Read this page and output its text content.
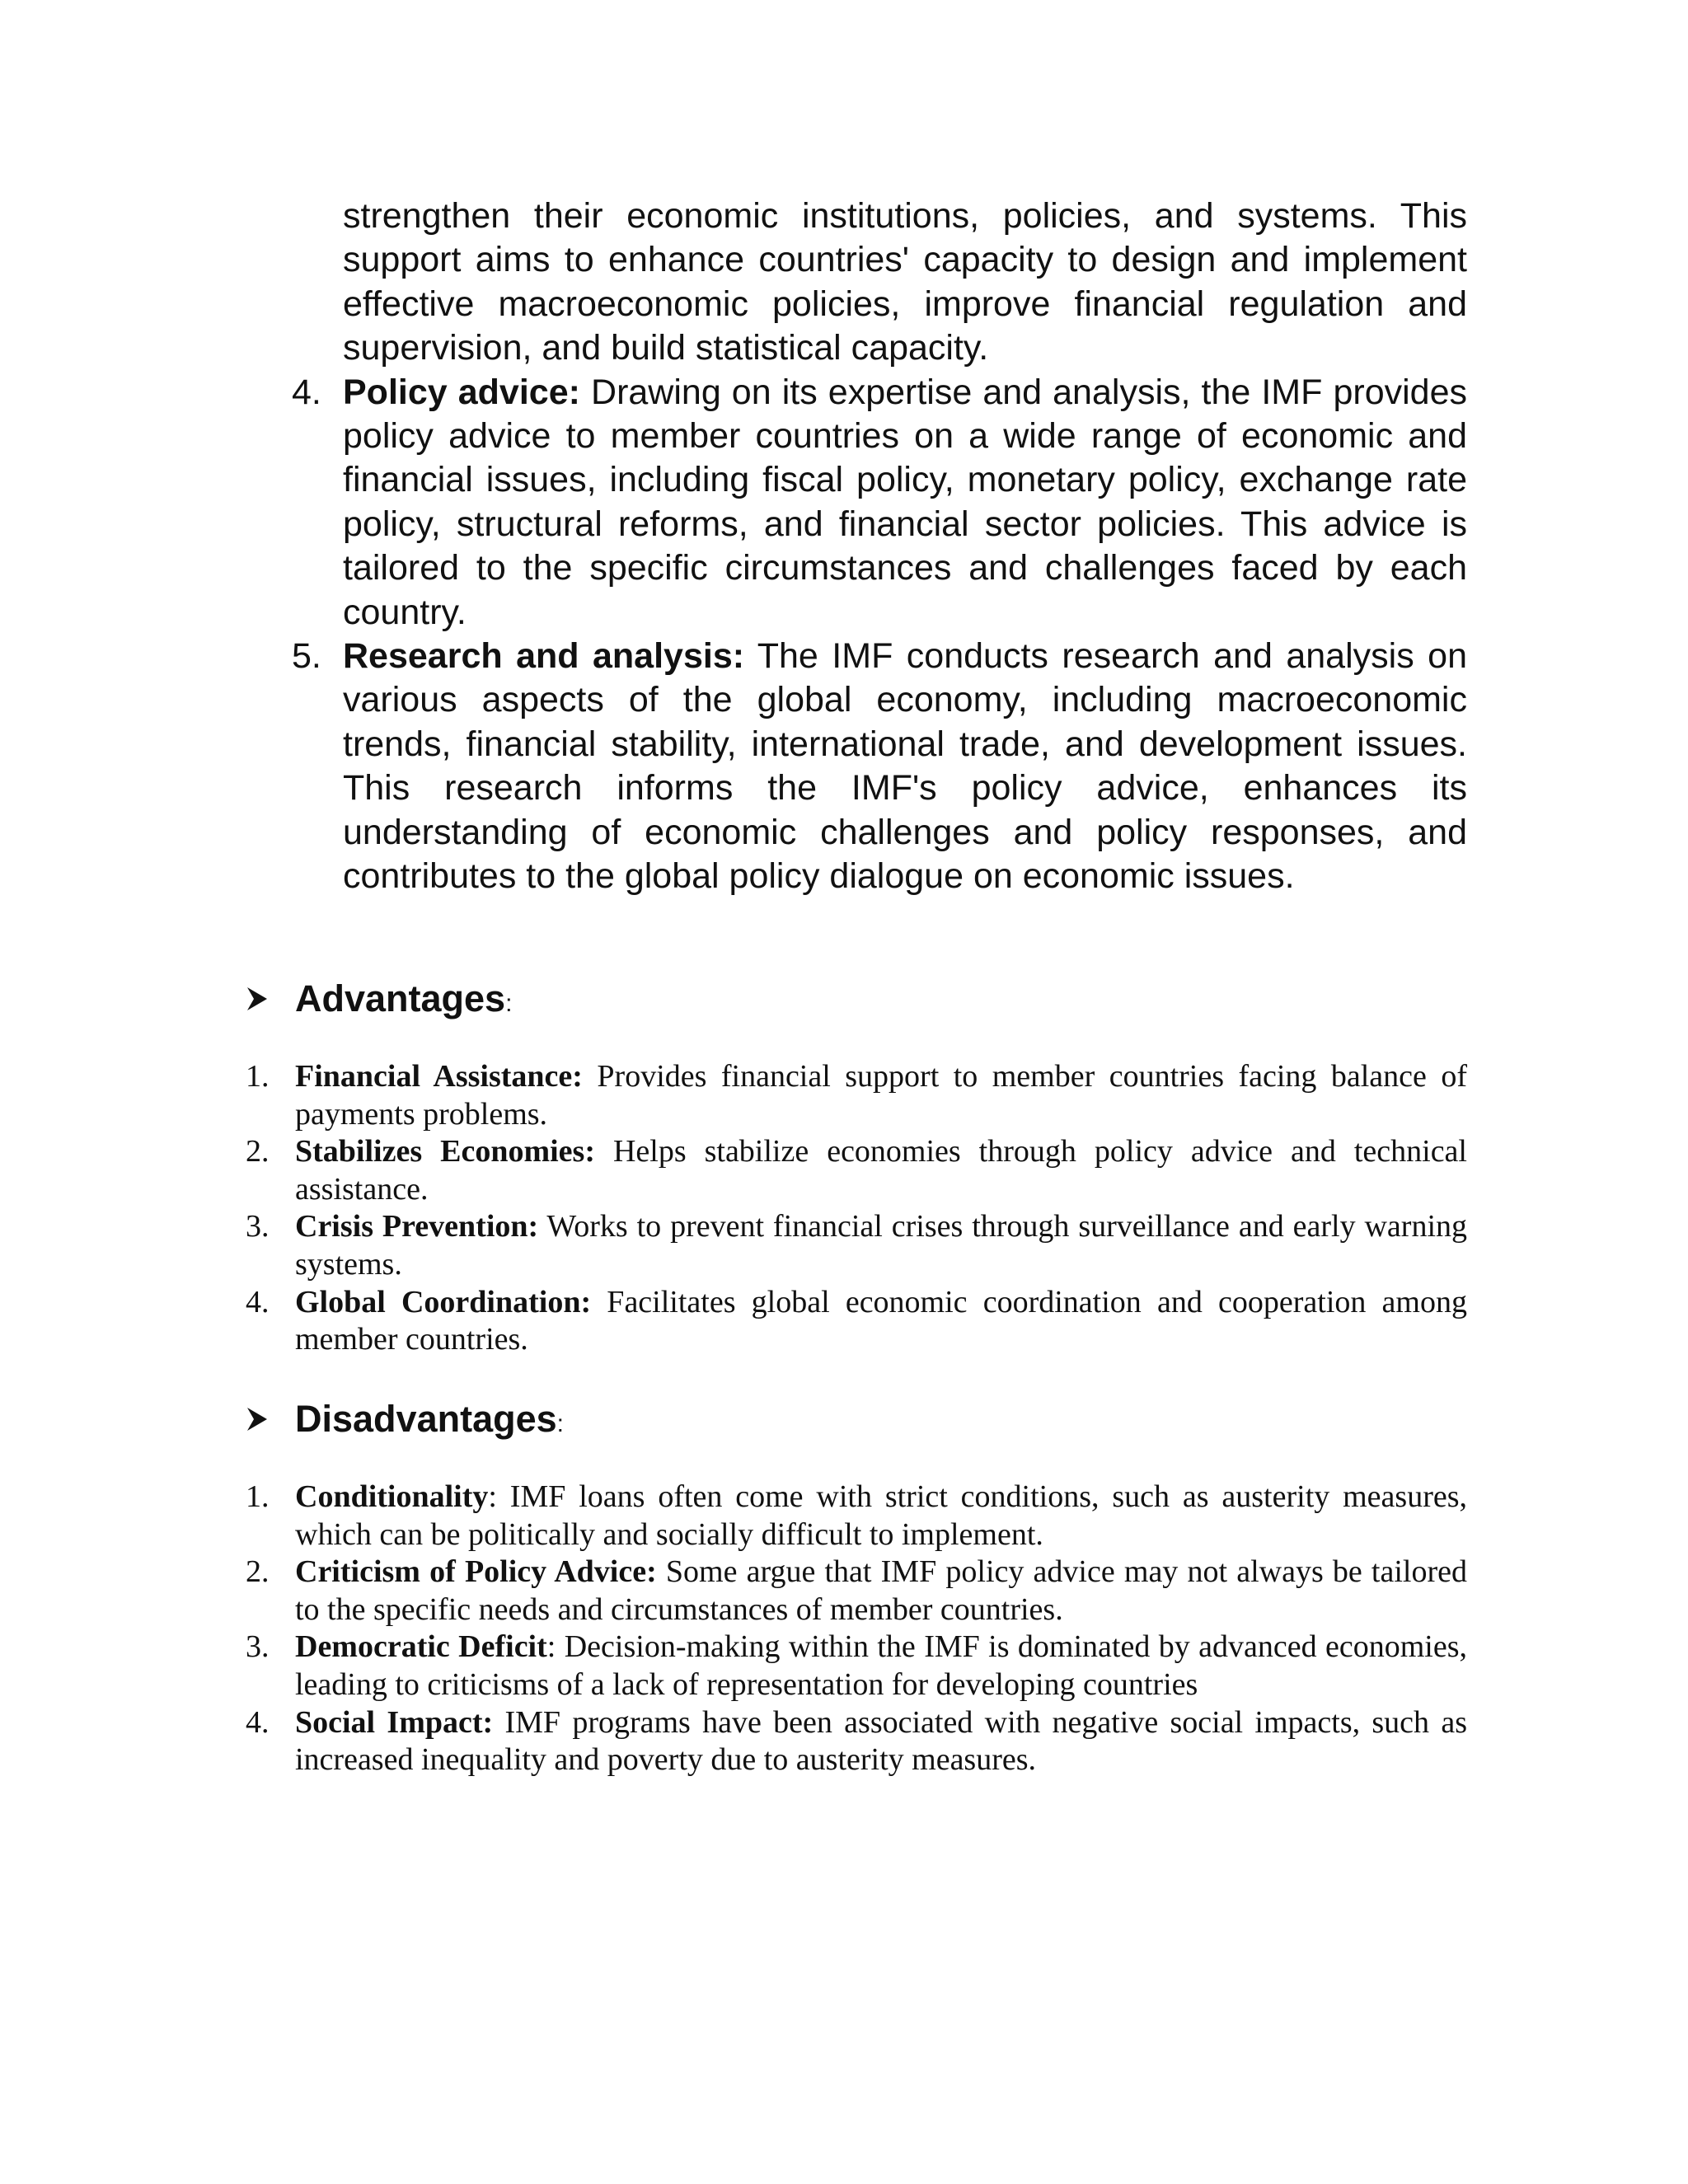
strengthen their economic institutions, policies, and systems. This support aims to enhance countries' capacity to design and implement effective macroeconomic policies, improve financial regulation and supervision, and build statistical capacity.
4. Policy advice: Drawing on its expertise and analysis, the IMF provides policy advice to member countries on a wide range of economic and financial issues, including fiscal policy, monetary policy, exchange rate policy, structural reforms, and financial sector policies. This advice is tailored to the specific circumstances and challenges faced by each country.
5. Research and analysis: The IMF conducts research and analysis on various aspects of the global economy, including macroeconomic trends, financial stability, international trade, and development issues. This research informs the IMF's policy advice, enhances its understanding of economic challenges and policy responses, and contributes to the global policy dialogue on economic issues.
Advantages:
1. Financial Assistance: Provides financial support to member countries facing balance of payments problems.
2. Stabilizes Economies: Helps stabilize economies through policy advice and technical assistance.
3. Crisis Prevention: Works to prevent financial crises through surveillance and early warning systems.
4. Global Coordination: Facilitates global economic coordination and cooperation among member countries.
Disadvantages:
1. Conditionality: IMF loans often come with strict conditions, such as austerity measures, which can be politically and socially difficult to implement.
2. Criticism of Policy Advice: Some argue that IMF policy advice may not always be tailored to the specific needs and circumstances of member countries.
3. Democratic Deficit: Decision-making within the IMF is dominated by advanced economies, leading to criticisms of a lack of representation for developing countries
4. Social Impact: IMF programs have been associated with negative social impacts, such as increased inequality and poverty due to austerity measures.
